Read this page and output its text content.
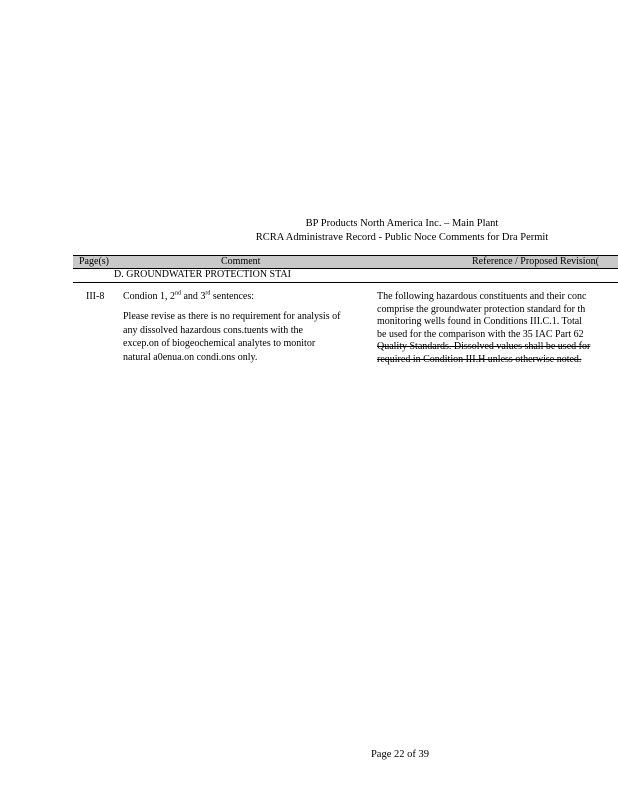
BP Products North America Inc. – Main Plant
RCRA Administrave Record - Public Noce Comments for Dra Permit
Page(s)	Comment	Reference / Proposed Revision(
D. GROUNDWATER PROTECTION STAI
III-8 Condion 1, 2nd and 3rd sentences:
Please revise as there is no requirement for analysis of
any dissolved hazardous cons.tuents with the
excep.on of biogeochemical analytes to monitor
natural a0enua.on condi.ons only.
The following hazardous constituents and their conc
comprise the groundwater protection standard for th
monitoring wells found in Conditions III.C.1. Total
be used for the comparison with the 35 IAC Part 62
Quality Standards. Dissolved values shall be used for
required in Condition III.H unless otherwise noted.
Page 22 of 39
